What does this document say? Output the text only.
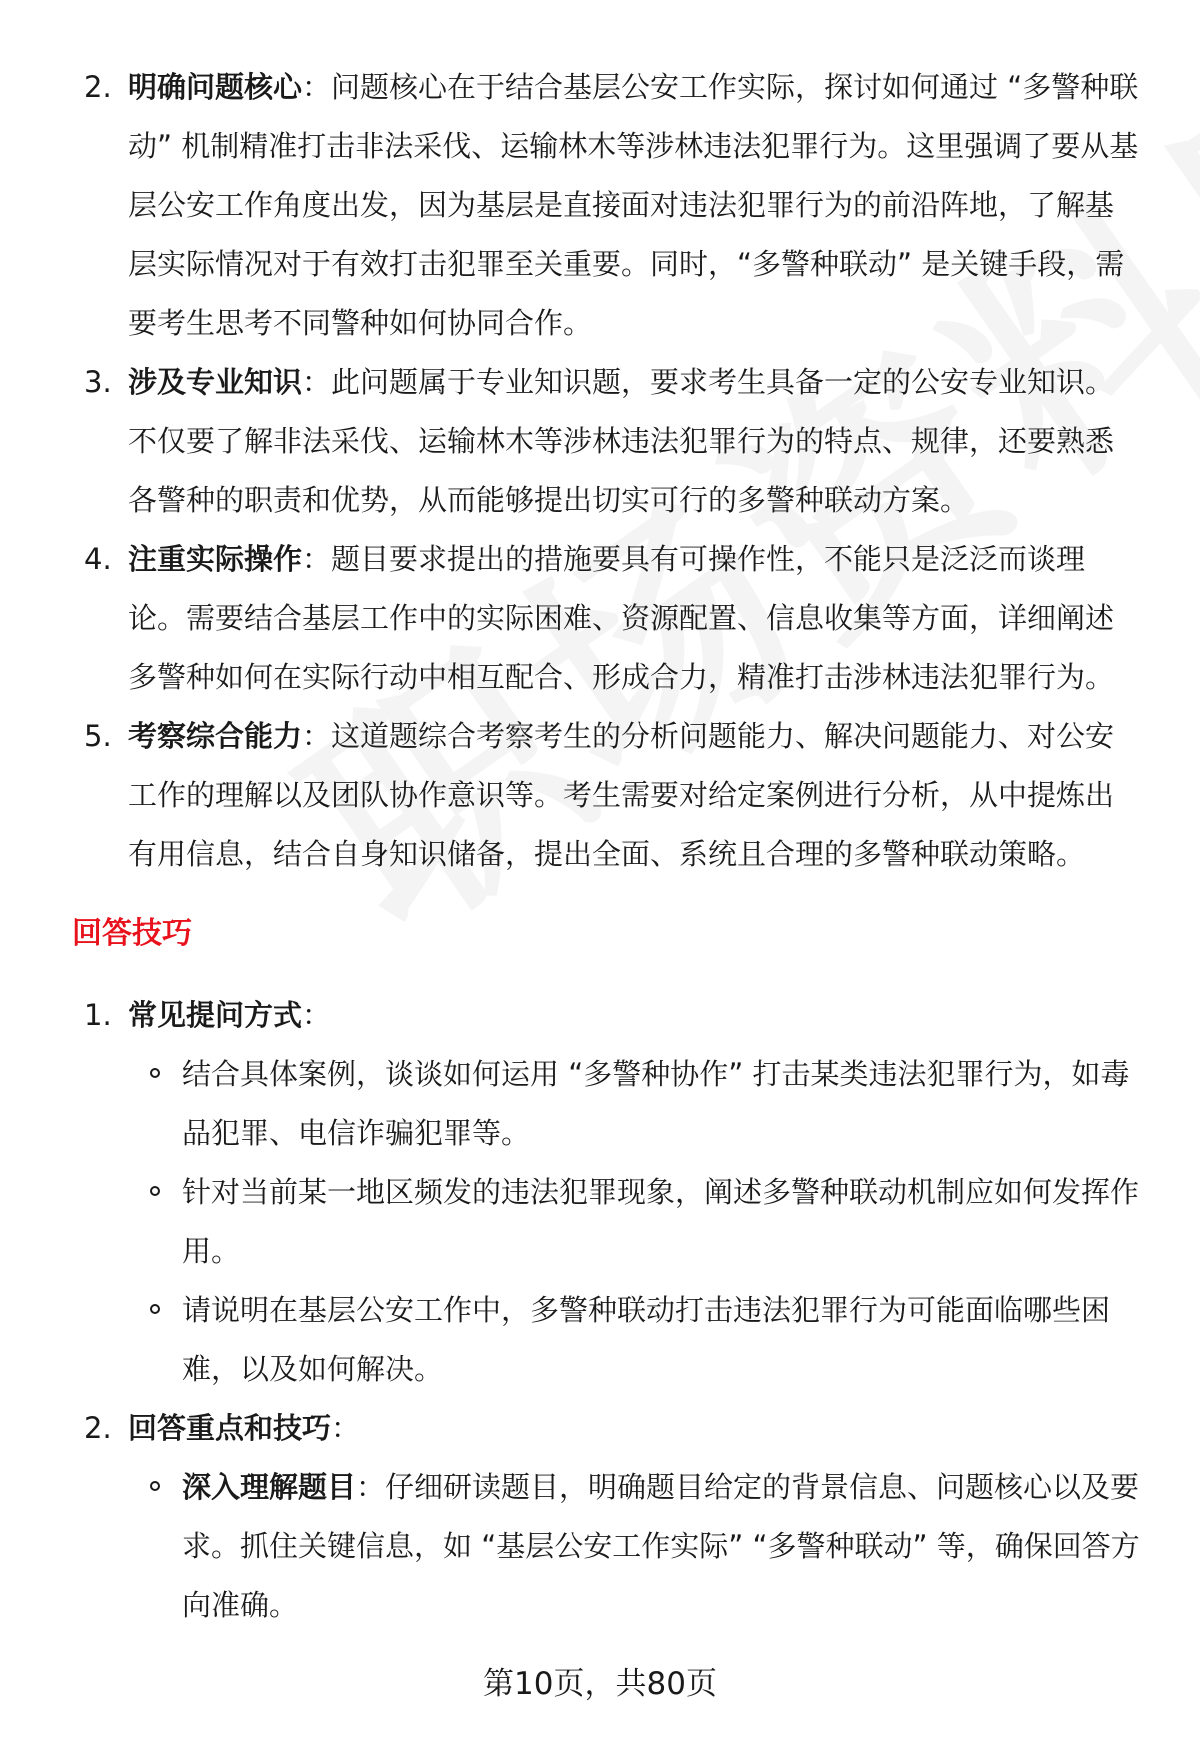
2. 明确问题核心：问题核心在于结合基层公安工作实际，探讨如何通过 “多警种联动” 机制精准打击非法采伐、运输林木等涉林违法犯罪行为。这里强调了要从基层公安工作角度出发，因为基层是直接面对违法犯罪行为的前沿阵地，了解基层实际情况对于有效打击犯罪至关重要。同时，“多警种联动” 是关键手段，需要考生思考不同警种如何协同合作。
3. 涉及专业知识：此问题属于专业知识题，要求考生具备一定的公安专业知识。不仅要了解非法采伐、运输林木等涉林违法犯罪行为的特点、规律，还要熟悉各警种的职责和优势，从而能够提出切实可行的多警种联动方案。
4. 注重实际操作：题目要求提出的措施要具有可操作性，不能只是泛泛而谈理论。需要结合基层工作中的实际困难、资源配置、信息收集等方面，详细阐述多警种如何在实际行动中相互配合、形成合力，精准打击涉林违法犯罪行为。
5. 考察综合能力：这道题综合考察考生的分析问题能力、解决问题能力、对公安工作的理解以及团队协作意识等。考生需要对给定案例进行分析，从中提炼出有用信息，结合自身知识储备，提出全面、系统且合理的多警种联动策略。
回答技巧
1. 常见提问方式：
结合具体案例，谈谈如何运用 “多警种协作” 打击某类违法犯罪行为，如毒品犯罪、电信诈骗犯罪等。
针对当前某一地区频发的违法犯罪现象，阐述多警种联动机制应如何发挥作用。
请说明在基层公安工作中，多警种联动打击违法犯罪行为可能面临哪些困难，以及如何解决。
2. 回答重点和技巧：
深入理解题目：仔细研读题目，明确题目给定的背景信息、问题核心以及要求。抓住关键信息，如 “基层公安工作实际” “多警种联动” 等，确保回答方向准确。
第10页，共80页
